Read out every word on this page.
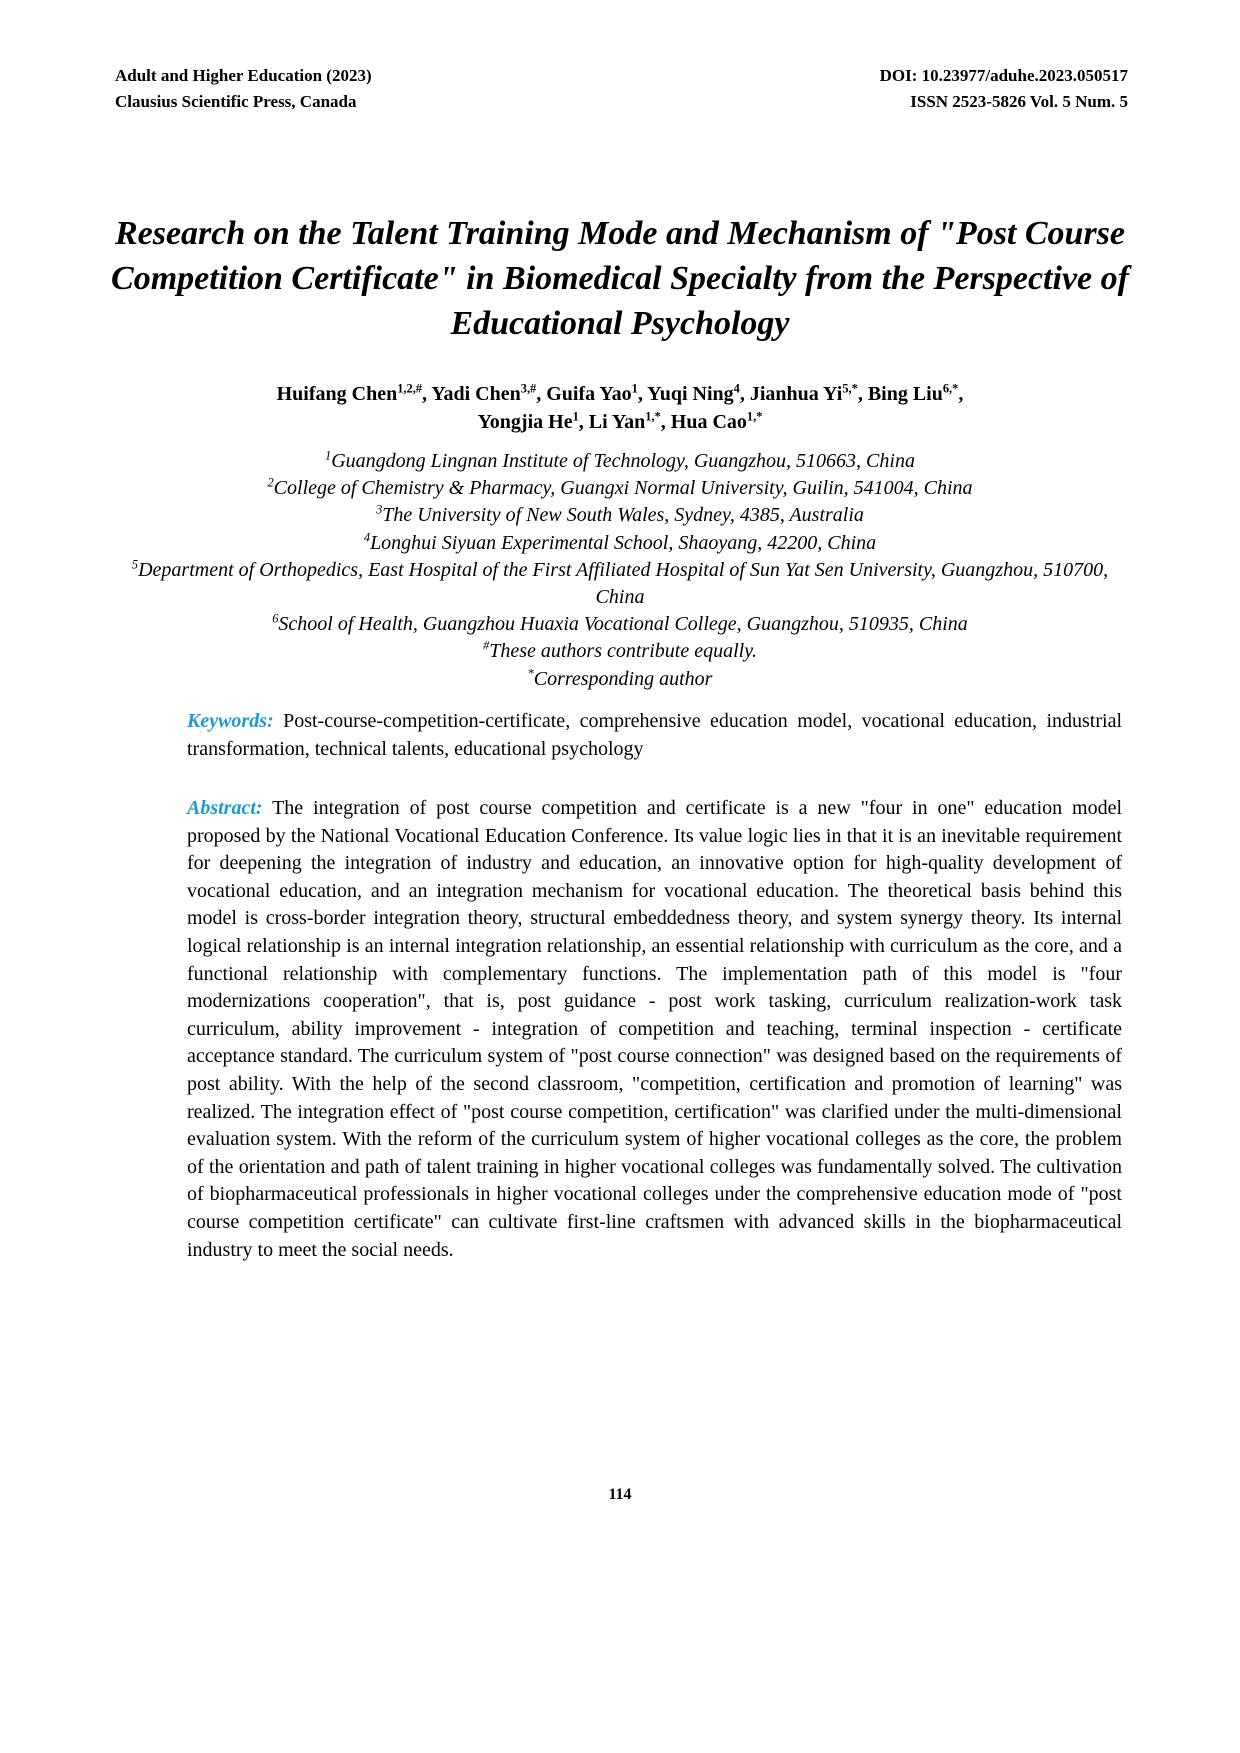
Adult and Higher Education (2023)
Clausius Scientific Press, Canada
DOI: 10.23977/aduhe.2023.050517
ISSN 2523-5826 Vol. 5 Num. 5
Research on the Talent Training Mode and Mechanism of "Post Course Competition Certificate" in Biomedical Specialty from the Perspective of Educational Psychology
Huifang Chen$^{1,2,\#}$, Yadi Chen$^{3,\#}$, Guifa Yao$^1$, Yuqi Ning$^4$, Jianhua $Yi^{5,*}$, Bing Liu$^{6,*}$,
Yongjia He$^1$, Li Yan$^{1,*}$, Hua Cao$^{1,*}$
$^1$Guangdong Lingnan Institute of Technology, Guangzhou, 510663, China
$^2$College of Chemistry & Pharmacy, Guangxi Normal University, Guilin, 541004, China
$^3$The University of New South Wales, Sydney, 4385, Australia
$^4$Longhui Siyuan Experimental School, Shaoyang, 42200, China
$^5$Department of Orthopedics, East Hospital of the First Affiliated Hospital of Sun Yat Sen University, Guangzhou, 510700, China
$^6$School of Health, Guangzhou Huaxia Vocational College, Guangzhou, 510935, China
#These authors contribute equally.
*Corresponding author

Keywords: Post-course-competition-certificate, comprehensive education model, vocational education, industrial transformation, technical talents, educational psychology

Abstract: The integration of post course competition and certificate is a new "four in one" education model proposed by the National Vocational Education Conference. Its value logic lies in that it is an inevitable requirement for deepening the integration of industry and education, an innovative option for high-quality development of vocational education, and an integration mechanism for vocational education. The theoretical basis behind this model is cross-border integration theory, structural embeddedness theory, and system synergy theory. Its internal logical relationship is an internal integration relationship, an essential relationship with curriculum as the core, and a functional relationship with complementary functions. The implementation path of this model is "four modernizations cooperation", that is, post guidance - post work tasking, curriculum realization-work task curriculum, ability improvement - integration of competition and teaching, terminal inspection - certificate acceptance standard. The curriculum system of "post course connection" was designed based on the requirements of post ability. With the help of the second classroom, "competition, certification and promotion of learning" was realized. The integration effect of "post course competition, certification" was clarified under the multi-dimensional evaluation system. With the reform of the curriculum system of higher vocational colleges as the core, the problem of the orientation and path of talent training in higher vocational colleges was fundamentally solved. The cultivation of biopharmaceutical professionals in higher vocational colleges under the comprehensive education mode of "post course competition certificate" can cultivate first-line craftsmen with advanced skills in the biopharmaceutical industry to meet the social needs.

114
